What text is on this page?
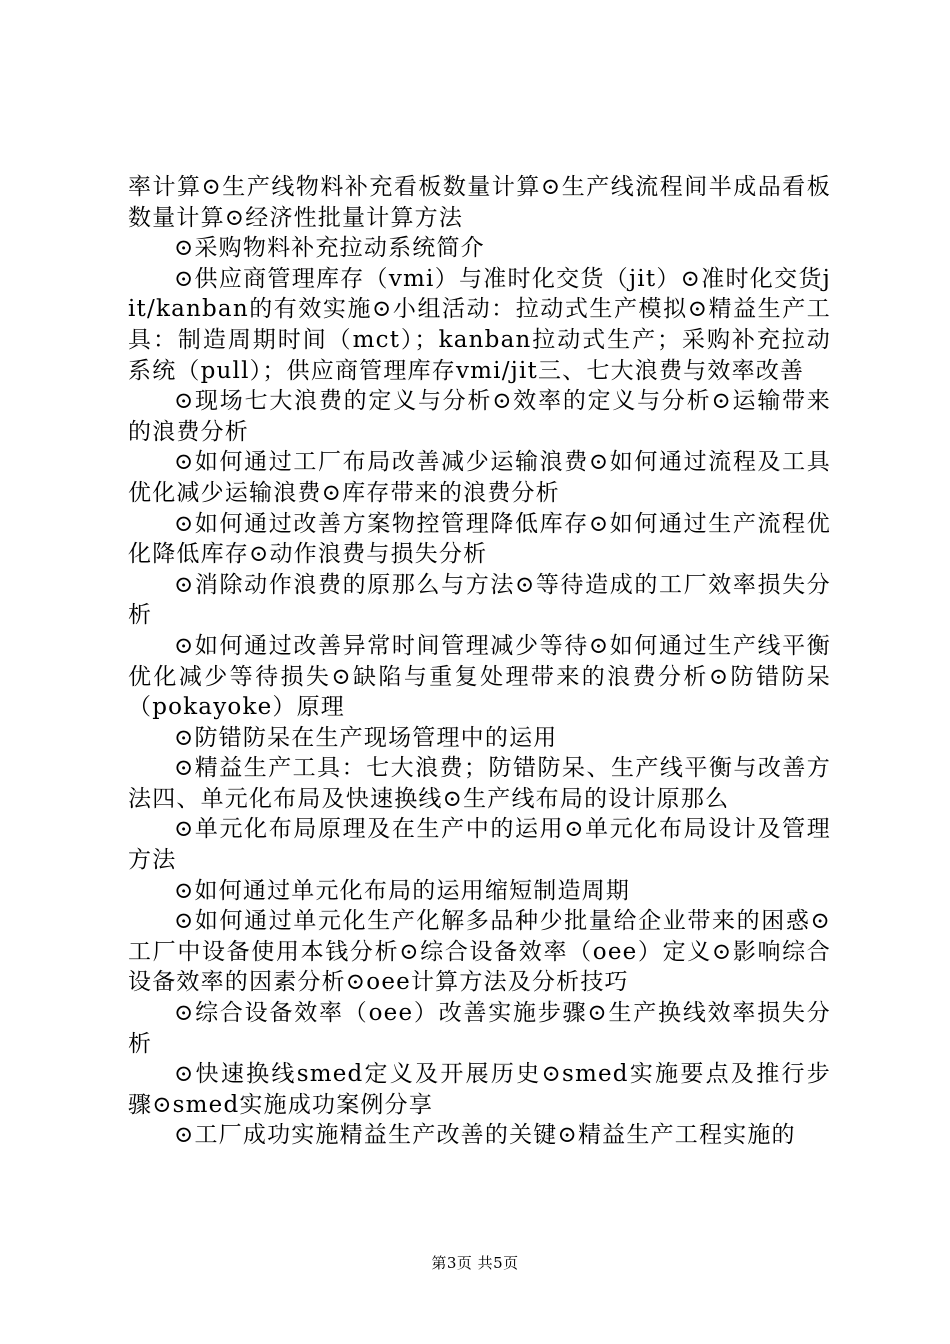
率计算⊙生产线物料补充看板数量计算⊙生产线流程间半成品看板数量计算⊙经济性批量计算方法

⊙采购物料补充拉动系统简介

⊙供应商管理库存（vmi）与准时化交货（jit）⊙准时化交货jit/kanban的有效实施⊙小组活动：拉动式生产模拟⊙精益生产工具：制造周期时间（mct）；kanban拉动式生产；采购补充拉动系统（pull）；供应商管理库存vmi/jit三、七大浪费与效率改善

⊙现场七大浪费的定义与分析⊙效率的定义与分析⊙运输带来的浪费分析

⊙如何通过工厂布局改善减少运输浪费⊙如何通过流程及工具优化减少运输浪费⊙库存带来的浪费分析

⊙如何通过改善方案物控管理降低库存⊙如何通过生产流程优化降低库存⊙动作浪费与损失分析

⊙消除动作浪费的原那么与方法⊙等待造成的工厂效率损失分析

⊙如何通过改善异常时间管理减少等待⊙如何通过生产线平衡优化减少等待损失⊙缺陷与重复处理带来的浪费分析⊙防错防呆（pokayoke）原理

⊙防错防呆在生产现场管理中的运用

⊙精益生产工具：七大浪费；防错防呆、生产线平衡与改善方法四、单元化布局及快速换线⊙生产线布局的设计原那么

⊙单元化布局原理及在生产中的运用⊙单元化布局设计及管理方法

⊙如何通过单元化布局的运用缩短制造周期

⊙如何通过单元化生产化解多品种少批量给企业带来的困惑⊙工厂中设备使用本钱分析⊙综合设备效率（oee）定义⊙影响综合设备效率的因素分析⊙oee计算方法及分析技巧

⊙综合设备效率（oee）改善实施步骤⊙生产换线效率损失分析

⊙快速换线smed定义及开展历史⊙smed实施要点及推行步骤⊙smed实施成功案例分享

⊙工厂成功实施精益生产改善的关键⊙精益生产工程实施的

第3页 共5页
